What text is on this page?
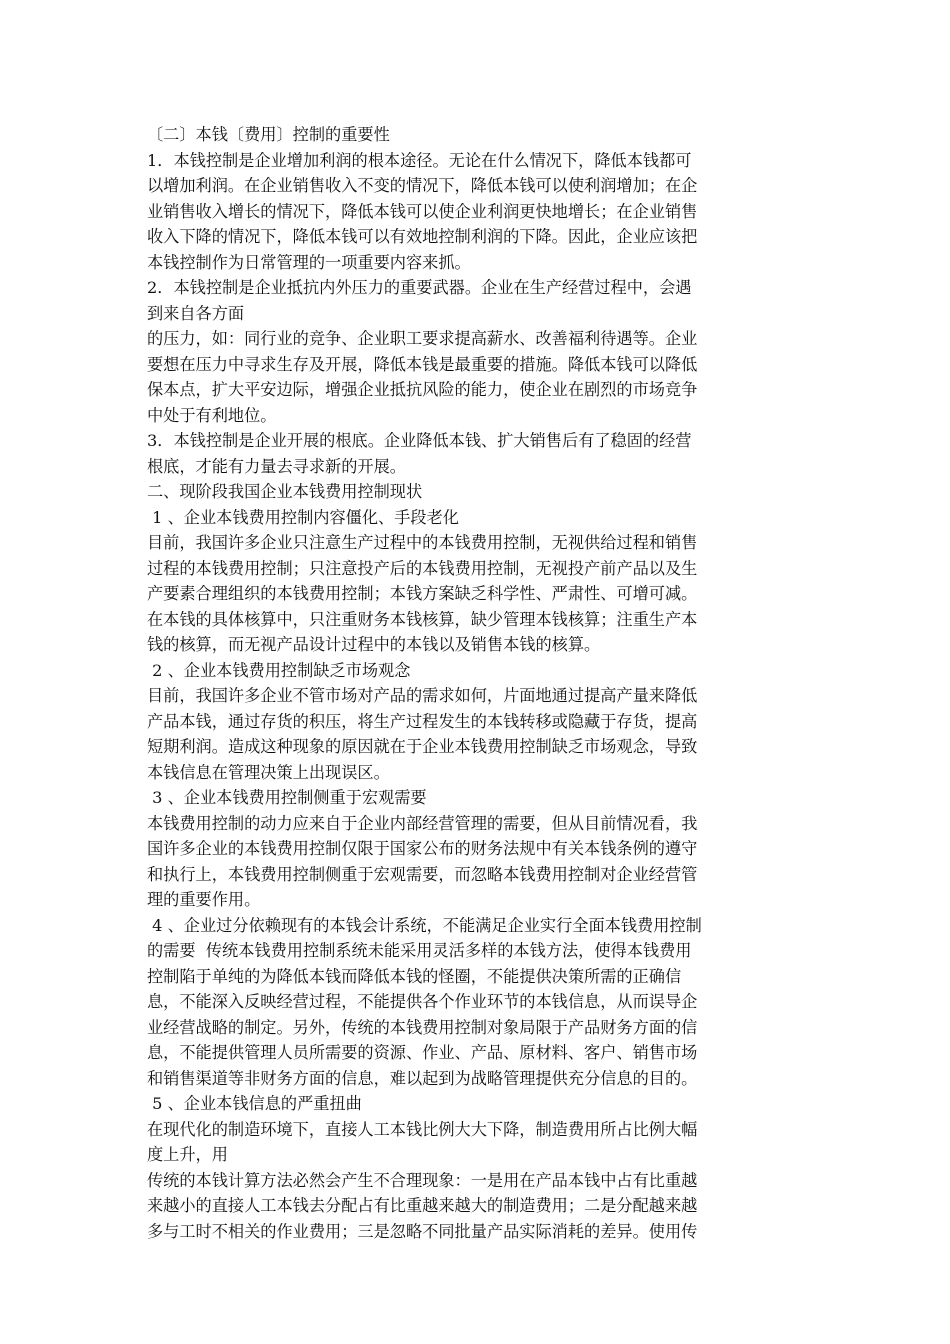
〔二〕本钱〔费用〕控制的重要性
1．本钱控制是企业增加利润的根本途径。无论在什么情况下，降低本钱都可
以增加利润。在企业销售收入不变的情况下，降低本钱可以使利润增加；在企
业销售收入增长的情况下，降低本钱可以使企业利润更快地增长；在企业销售
收入下降的情况下，降低本钱可以有效地控制利润的下降。因此，企业应该把
本钱控制作为日常管理的一项重要内容来抓。
2．本钱控制是企业抵抗内外压力的重要武器。企业在生产经营过程中，会遇
到来自各方面
的压力，如：同行业的竞争、企业职工要求提高薪水、改善福利待遇等。企业
要想在压力中寻求生存及开展，降低本钱是最重要的措施。降低本钱可以降低
保本点，扩大平安边际，增强企业抵抗风险的能力，使企业在剧烈的市场竞争
中处于有利地位。
3．本钱控制是企业开展的根底。企业降低本钱、扩大销售后有了稳固的经营
根底，才能有力量去寻求新的开展。
二、现阶段我国企业本钱费用控制现状
1 、企业本钱费用控制内容僵化、手段老化
目前，我国许多企业只注意生产过程中的本钱费用控制，无视供给过程和销售
过程的本钱费用控制；只注意投产后的本钱费用控制，无视投产前产品以及生
产要素合理组织的本钱费用控制；本钱方案缺乏科学性、严肃性、可增可减。
在本钱的具体核算中，只注重财务本钱核算，缺少管理本钱核算；注重生产本
钱的核算，而无视产品设计过程中的本钱以及销售本钱的核算。
2 、企业本钱费用控制缺乏市场观念
目前，我国许多企业不管市场对产品的需求如何，片面地通过提高产量来降低
产品本钱，通过存货的积压，将生产过程发生的本钱转移或隐藏于存货，提高
短期利润。造成这种现象的原因就在于企业本钱费用控制缺乏市场观念，导致
本钱信息在管理决策上出现误区。
3 、企业本钱费用控制侧重于宏观需要
本钱费用控制的动力应来自于企业内部经营管理的需要，但从目前情况看，我
国许多企业的本钱费用控制仅限于国家公布的财务法规中有关本钱条例的遵守
和执行上，本钱费用控制侧重于宏观需要，而忽略本钱费用控制对企业经营管
理的重要作用。
4 、企业过分依赖现有的本钱会计系统，不能满足企业实行全面本钱费用控制
的需要  传统本钱费用控制系统未能采用灵活多样的本钱方法，使得本钱费用
控制陷于单纯的为降低本钱而降低本钱的怪圈，不能提供决策所需的正确信
息，不能深入反映经营过程，不能提供各个作业环节的本钱信息，从而误导企
业经营战略的制定。另外，传统的本钱费用控制对象局限于产品财务方面的信
息，不能提供管理人员所需要的资源、作业、产品、原材料、客户、销售市场
和销售渠道等非财务方面的信息，难以起到为战略管理提供充分信息的目的。
5 、企业本钱信息的严重扭曲
在现代化的制造环境下，直接人工本钱比例大大下降，制造费用所占比例大幅
度上升，用
传统的本钱计算方法必然会产生不合理现象：一是用在产品本钱中占有比重越
来越小的直接人工本钱去分配占有比重越来越大的制造费用；二是分配越来越
多与工时不相关的作业费用；三是忽略不同批量产品实际消耗的差异。使用传
